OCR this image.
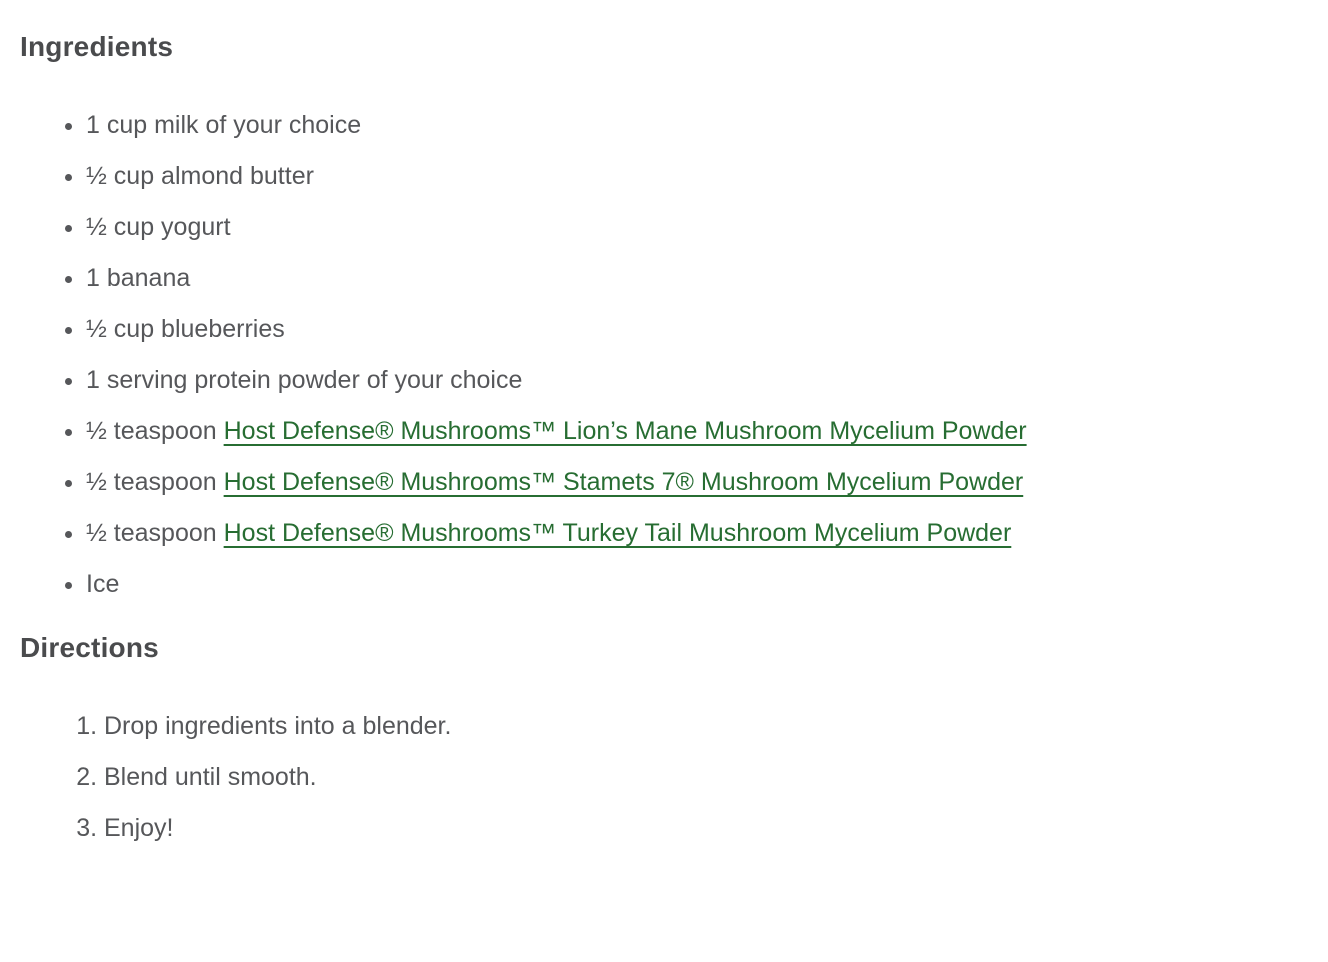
Ingredients
• 1 cup milk of your choice
• ½ cup almond butter
• ½ cup yogurt
• 1 banana
• ½ cup blueberries
• 1 serving protein powder of your choice
• ½ teaspoon Host Defense® Mushrooms™ Lion’s Mane Mushroom Mycelium Powder
• ½ teaspoon Host Defense® Mushrooms™ Stamets 7® Mushroom Mycelium Powder
• ½ teaspoon Host Defense® Mushrooms™ Turkey Tail Mushroom Mycelium Powder
• Ice
Directions
1. Drop ingredients into a blender.
2. Blend until smooth.
3. Enjoy!
